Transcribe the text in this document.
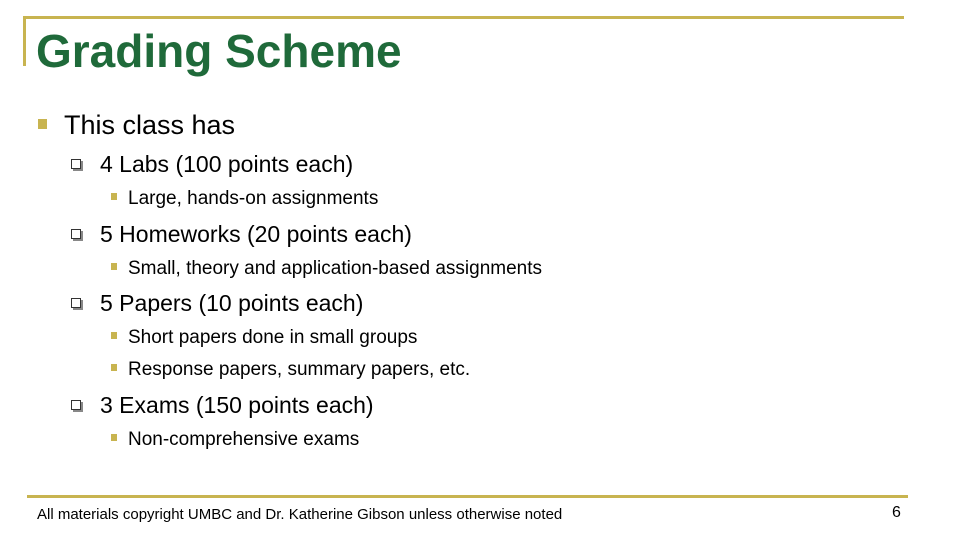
Grading Scheme
This class has
4 Labs (100 points each)
Large, hands-on assignments
5 Homeworks (20 points each)
Small, theory and application-based assignments
5 Papers (10 points each)
Short papers done in small groups
Response papers, summary papers, etc.
3 Exams (150 points each)
Non-comprehensive exams
All materials copyright UMBC and Dr. Katherine Gibson unless otherwise noted	6
